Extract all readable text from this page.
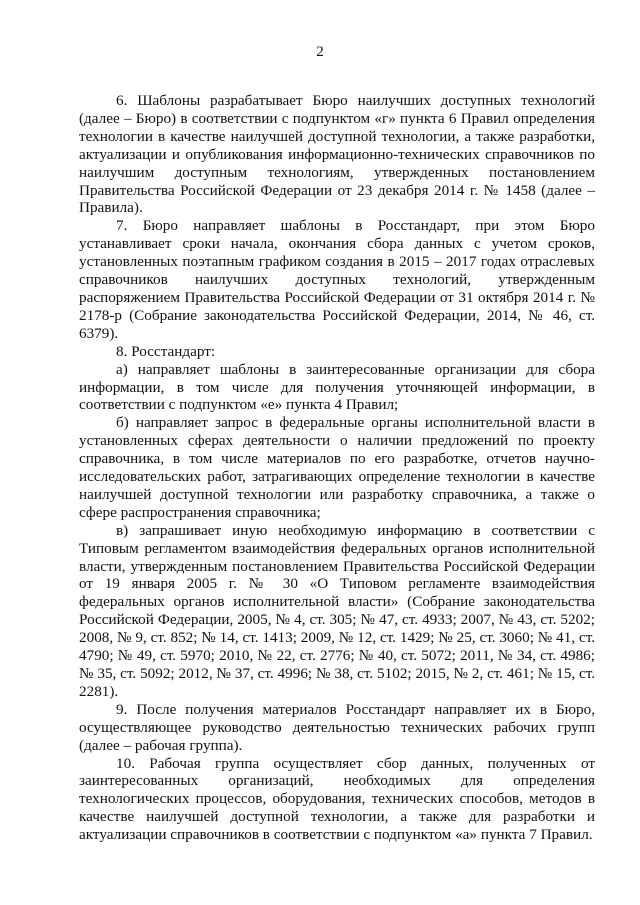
2

6. Шаблоны разрабатывает Бюро наилучших доступных технологий (далее – Бюро) в соответствии с подпунктом «г» пункта 6 Правил определения технологии в качестве наилучшей доступной технологии, а также разработки, актуализации и опубликования информационно-технических справочников по наилучшим доступным технологиям, утвержденных постановлением Правительства Российской Федерации от 23 декабря 2014 г. № 1458 (далее – Правила).

7. Бюро направляет шаблоны в Росстандарт, при этом Бюро устанавливает сроки начала, окончания сбора данных с учетом сроков, установленных поэтапным графиком создания в 2015 – 2017 годах отраслевых справочников наилучших доступных технологий, утвержденным распоряжением Правительства Российской Федерации от 31 октября 2014 г. № 2178-р (Собрание законодательства Российской Федерации, 2014, № 46, ст. 6379).

8. Росстандарт:

а) направляет шаблоны в заинтересованные организации для сбора информации, в том числе для получения уточняющей информации, в соответствии с подпунктом «е» пункта 4 Правил;

б) направляет запрос в федеральные органы исполнительной власти в установленных сферах деятельности о наличии предложений по проекту справочника, в том числе материалов по его разработке, отчетов научно-исследовательских работ, затрагивающих определение технологии в качестве наилучшей доступной технологии или разработку справочника, а также о сфере распространения справочника;

в) запрашивает иную необходимую информацию в соответствии с Типовым регламентом взаимодействия федеральных органов исполнительной власти, утвержденным постановлением Правительства Российской Федерации от 19 января 2005 г. № 30 «О Типовом регламенте взаимодействия федеральных органов исполнительной власти» (Собрание законодательства Российской Федерации, 2005, № 4, ст. 305; № 47, ст. 4933; 2007, № 43, ст. 5202; 2008, № 9, ст. 852; № 14, ст. 1413; 2009, № 12, ст. 1429; № 25, ст. 3060; № 41, ст. 4790; № 49, ст. 5970; 2010, № 22, ст. 2776; № 40, ст. 5072; 2011, № 34, ст. 4986; № 35, ст. 5092; 2012, № 37, ст. 4996; № 38, ст. 5102; 2015, № 2, ст. 461; № 15, ст. 2281).

9. После получения материалов Росстандарт направляет их в Бюро, осуществляющее руководство деятельностью технических рабочих групп (далее – рабочая группа).

10. Рабочая группа осуществляет сбор данных, полученных от заинтересованных организаций, необходимых для определения технологических процессов, оборудования, технических способов, методов в качестве наилучшей доступной технологии, а также для разработки и актуализации справочников в соответствии с подпунктом «а» пункта 7 Правил.
